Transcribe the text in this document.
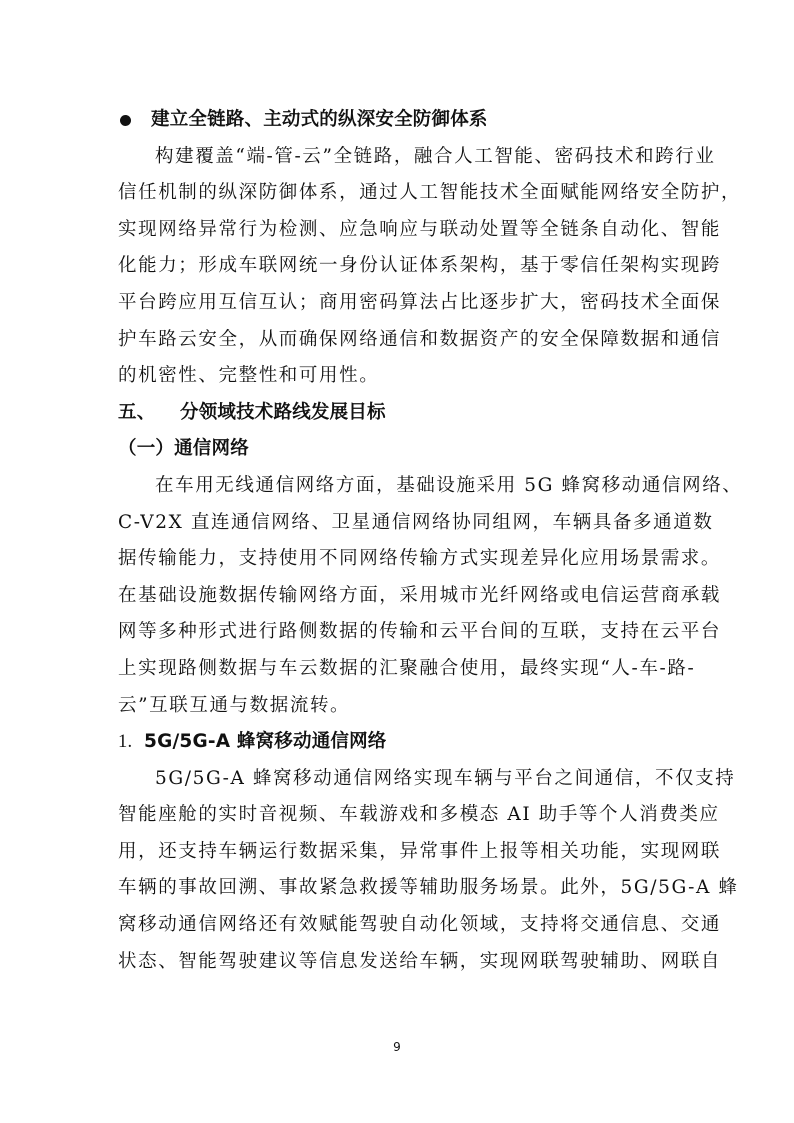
建立全链路、主动式的纵深安全防御体系
构建覆盖“端-管-云”全链路，融合人工智能、密码技术和跨行业
信任机制的纵深防御体系，通过人工智能技术全面赋能网络安全防护，
实现网络异常行为检测、应急响应与联动处置等全链条自动化、智能
化能力；形成车联网统一身份认证体系架构，基于零信任架构实现跨
平台跨应用互信互认；商用密码算法占比逐步扩大，密码技术全面保
护车路云安全，从而确保网络通信和数据资产的安全保障数据和通信
的机密性、完整性和可用性。
五、 分领域技术路线发展目标
（一）通信网络
在车用无线通信网络方面，基础设施采用 5G 蜂窝移动通信网络、
C-V2X 直连通信网络、卫星通信网络协同组网，车辆具备多通道数
据传输能力，支持使用不同网络传输方式实现差异化应用场景需求。
在基础设施数据传输网络方面，采用城市光纤网络或电信运营商承载
网等多种形式进行路侧数据的传输和云平台间的互联，支持在云平台
上实现路侧数据与车云数据的汇聚融合使用，最终实现“人-车-路-
云”互联互通与数据流转。
1. 5G/5G-A 蜂窝移动通信网络
5G/5G-A 蜂窝移动通信网络实现车辆与平台之间通信，不仅支持
智能座舱的实时音视频、车载游戏和多模态 AI 助手等个人消费类应
用，还支持车辆运行数据采集，异常事件上报等相关功能，实现网联
车辆的事故回溯、事故紧急救援等辅助服务场景。此外，5G/5G-A 蜂
窝移动通信网络还有效赋能驾驶自动化领域，支持将交通信息、交通
状态、智能驾驶建议等信息发送给车辆，实现网联驾驶辅助、网联自
9
